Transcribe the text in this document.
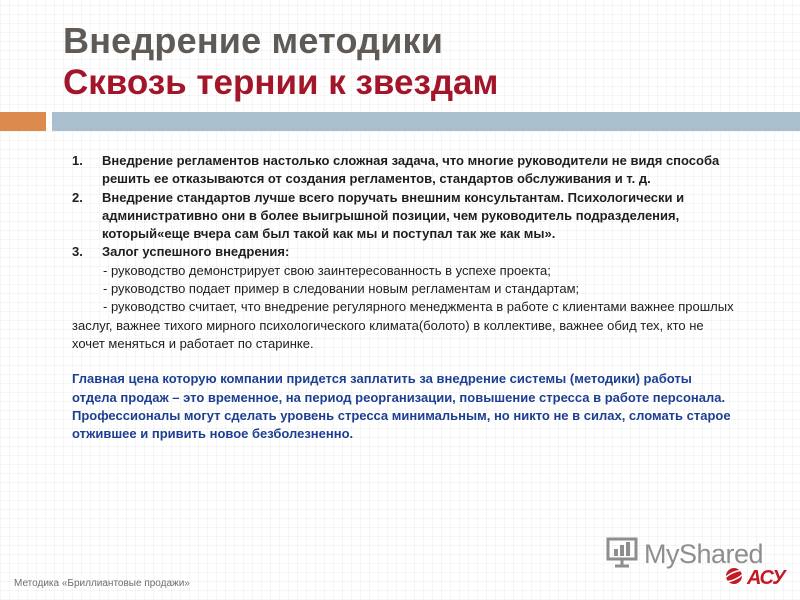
Внедрение методики
Сквозь тернии к звездам
1. Внедрение регламентов настолько сложная задача, что многие руководители не видя способа решить ее отказываются от создания регламентов, стандартов обслуживания и т. д.
2. Внедрение стандартов лучше всего поручать внешним консультантам. Психологически и административно они в более выигрышной позиции, чем руководитель подразделения, который«еще вчера сам был такой как мы и поступал так же как мы».
3. Залог успешного внедрения:
- руководство демонстрирует свою заинтересованность в успехе проекта;
- руководство подает пример в следовании новым регламентам и стандартам;

- руководство считает, что внедрение регулярного менеджмента в работе с клиентами важнее прошлых заслуг, важнее тихого мирного психологического климата(болото) в коллективе, важнее обид тех, кто не хочет меняться и работает по старинке.

Главная цена которую компании придется заплатить за внедрение системы (методики) работы отдела продаж – это временное, на период реорганизации, повышение стресса в работе персонала. Профессионалы могут сделать уровень стресса минимальным, но никто не в силах, сломать старое отжившее и привить новое безболезненно.
Методика «Бриллиантовые продажи»
MyShared
АСУ
